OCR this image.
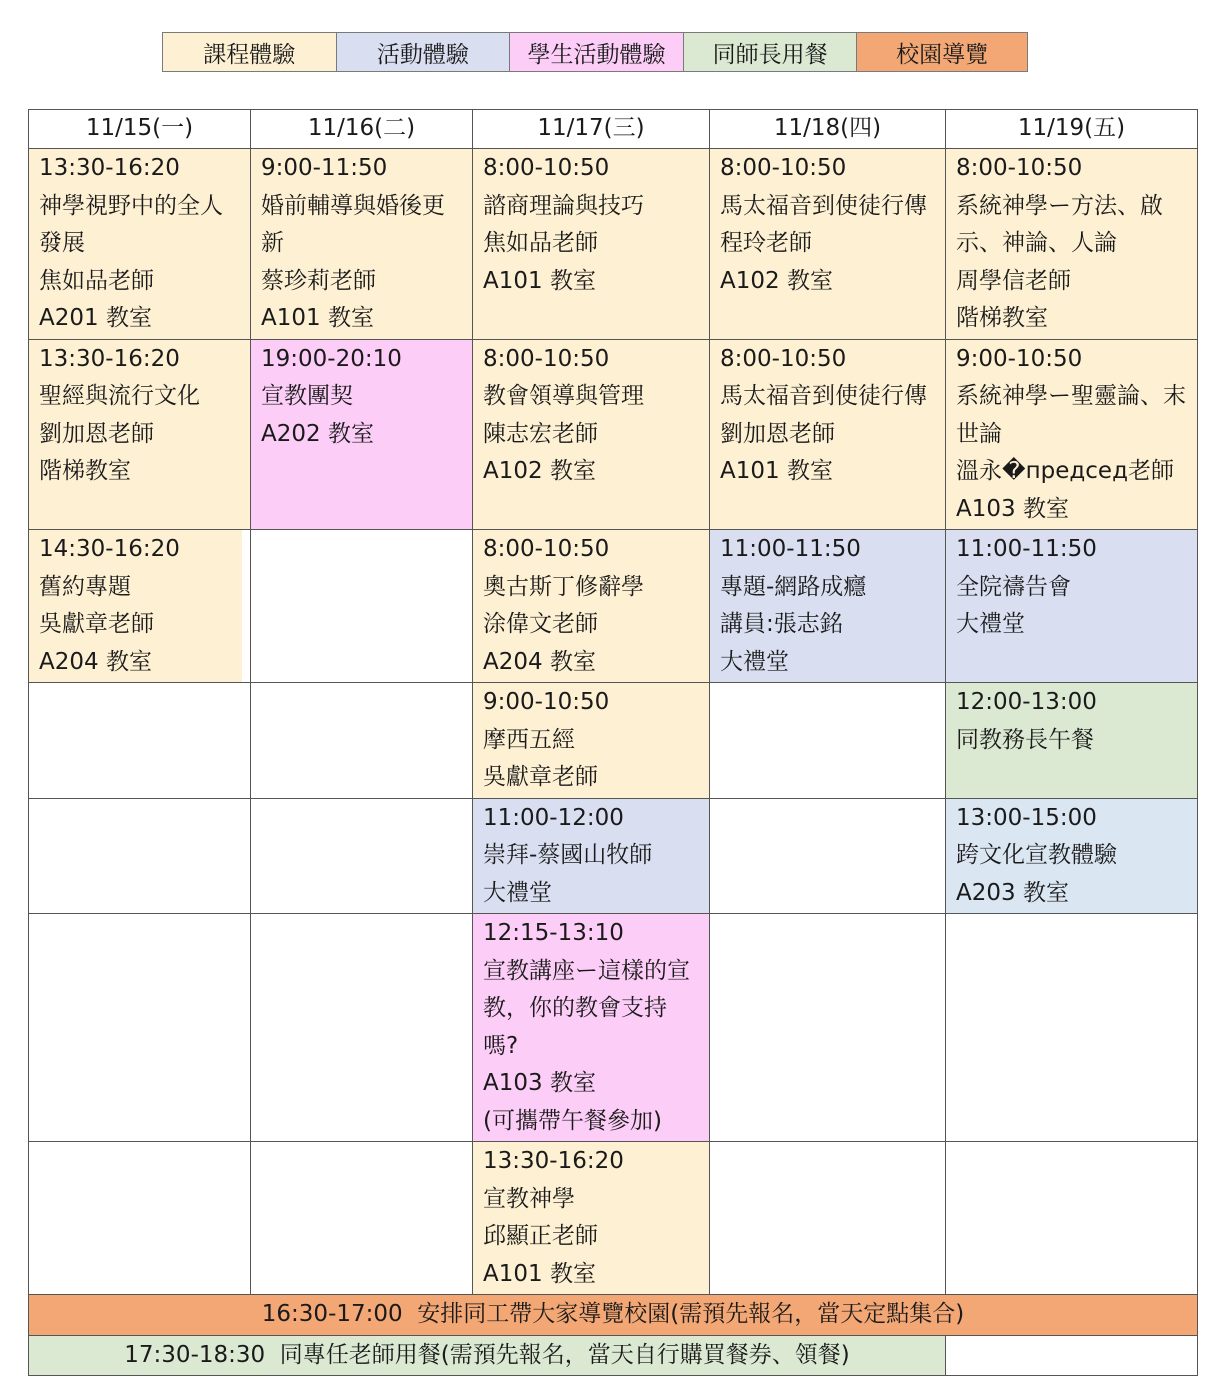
課程體驗	活動體驗	學生活動體驗	同師長用餐	校園導覽
11/15(一)	11/16(二)	11/17(三)	11/18(四)	11/19(五)

13:30-16:20
神學視野中的全人發展
焦如品老師
A201 教室	9:00-11:50
婚前輔導與婚後更新
蔡珍莉老師
A101 教室	8:00-10:50
諮商理論與技巧
焦如品老師
A101 教室	8:00-10:50
馬太福音到使徒行傳
程玲老師
A102 教室	8:00-10:50
系統神學ー方法、啟示、神論、人論
周學信老師
階梯教室

13:30-16:20
聖經與流行文化
劉加恩老師
階梯教室	19:00-20:10
宣教團契
A202 教室	8:00-10:50
教會領導與管理
陳志宏老師
A102 教室	8:00-10:50
馬太福音到使徒行傳
劉加恩老師
A101 教室	9:00-10:50
系統神學ー聖靈論、末世論
溫永�председ老師
A103 教室

14:30-16:20
舊約專題
吳獻章老師
A204 教室		8:00-10:50
奧古斯丁修辭學
涂偉文老師
A204 教室	11:00-11:50
專題-網路成癮
講員:張志銘
大禮堂	11:00-11:50
全院禱告會
大禮堂

		9:00-10:50
摩西五經
吳獻章老師		12:00-13:00
同教務長午餐

		11:00-12:00
崇拜-蔡國山牧師
大禮堂		13:00-15:00
跨文化宣教體驗
A203 教室

		12:15-13:10
宣教講座ー這樣的宣教，你的教會支持嗎?
A103 教室
(可攜帶午餐參加)		

		13:30-16:20
宣教神學
邱顯正老師
A101 教室		

16:30-17:00  安排同工帶大家導覽校園(需預先報名，當天定點集合)				
17:30-18:30  同專任老師用餐(需預先報名，當天自行購買餐券、領餐)				
